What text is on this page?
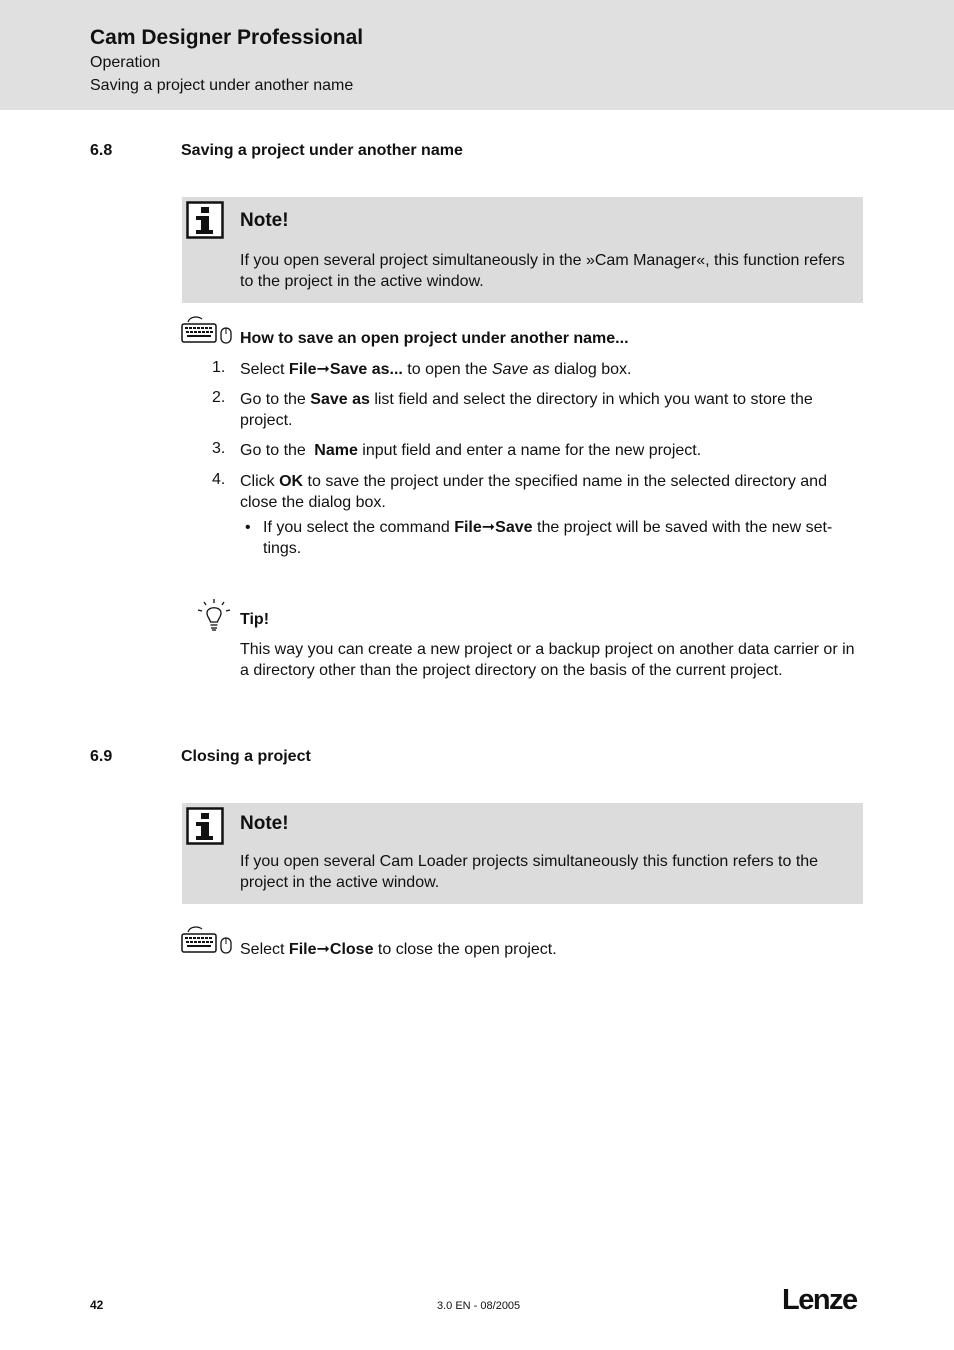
Cam Designer Professional
Operation
Saving a project under another name
6.8	Saving a project under another name
Note!
If you open several project simultaneously in the »Cam Manager«, this function refers to the project in the active window.
How to save an open project under another name...
1. Select File➞Save as... to open the Save as dialog box.
2. Go to the Save as list field and select the directory in which you want to store the project.
3. Go to the Name input field and enter a name for the new project.
4. Click OK to save the project under the specified name in the selected directory and close the dialog box.
• If you select the command File➞Save the project will be saved with the new set-tings.
Tip!
This way you can create a new project or a backup project on another data carrier or in a directory other than the project directory on the basis of the current project.
6.9	Closing a project
Note!
If you open several Cam Loader projects simultaneously this function refers to the project in the active window.
Select File➞Close to close the open project.
42	3.0 EN - 08/2005	Lenze
